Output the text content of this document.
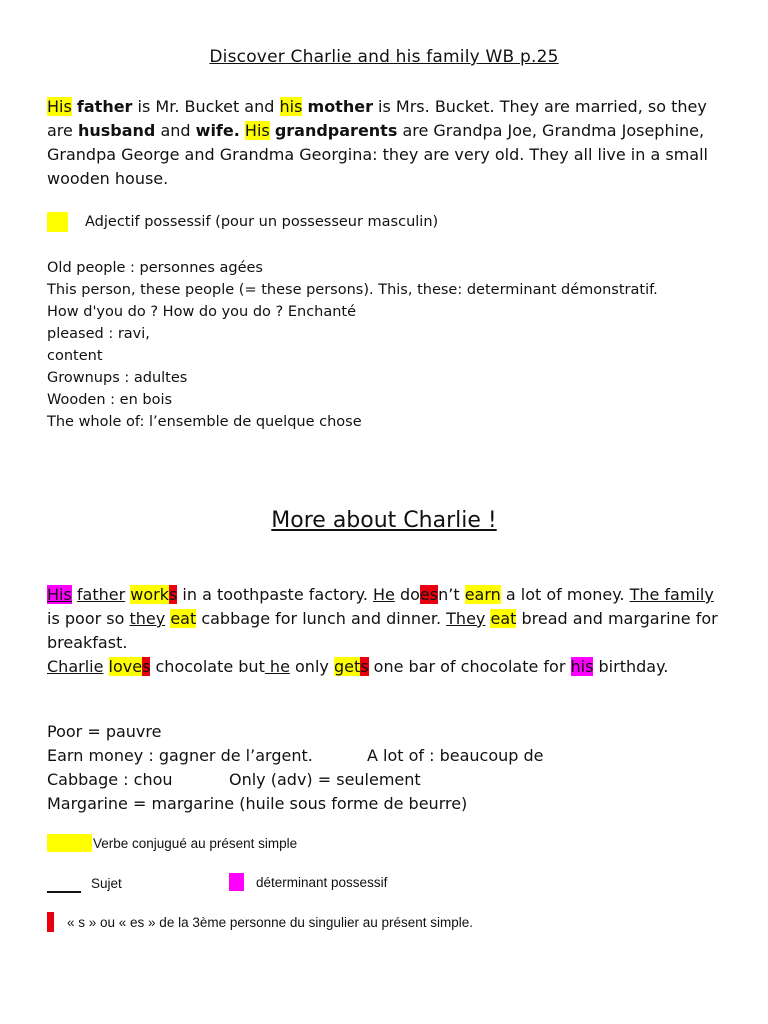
Discover Charlie and his family WB p.25
His father is Mr. Bucket and his mother is Mrs. Bucket. They are married, so they are husband and wife. His grandparents are Grandpa Joe, Grandma Josephine, Grandpa George and Grandma Georgina: they are very old. They all live in a small wooden house.
Adjectif possessif (pour un possesseur masculin)
Old people : personnes agées
This person, these people (= these persons). This, these: determinant démonstratif.
How d'you do ? How do you do ? Enchanté
pleased : ravi,
content
Grownups : adultes
Wooden : en bois
The whole of: l’ensemble de quelque chose
More about Charlie !
His father works in a toothpaste factory. He doesn’t earn a lot of money. The family is poor so they eat cabbage for lunch and dinner. They eat bread and margarine for breakfast.
Charlie loves chocolate but he only gets one bar of chocolate for his birthday.
Poor = pauvre
Earn money : gagner de l’argent.	A lot of : beaucoup de
Cabbage : chou	Only (adv) = seulement
Margarine = margarine (huile sous forme de beurre)
Verbe conjugué au présent simple
Sujet	déterminant possessif
« s » ou « es » de la 3ème personne du singulier au présent simple.
